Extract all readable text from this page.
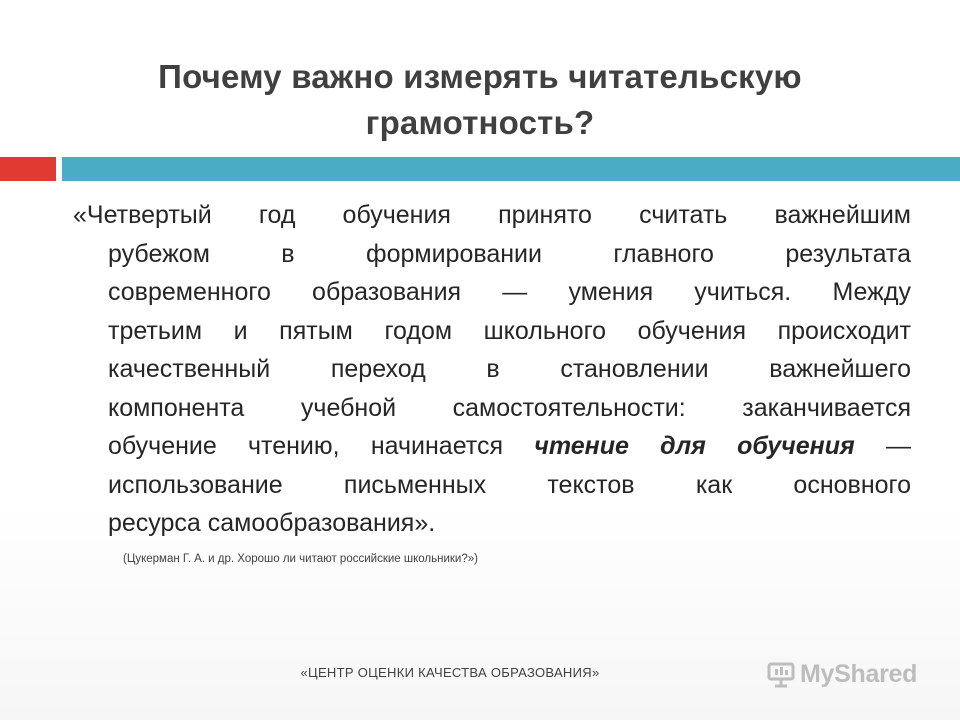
Почему важно измерять читательскую
грамотность?
«Четвертый год обучения принято считать важнейшим
рубежом в формировании главного результата
современного образования — умения учиться. Между
третьим и пятым годом школьного обучения происходит
качественный переход в становлении важнейшего
компонента учебной самостоятельности: заканчивается
обучение чтению, начинается чтение для обучения —
использование письменных текстов как основного
ресурса самообразования».
(Цукерман Г. А. и др. Хорошо ли читают российские школьники?»)
«ЦЕНТР ОЦЕНКИ КАЧЕСТВА ОБРАЗОВАНИЯ»	MyShared
